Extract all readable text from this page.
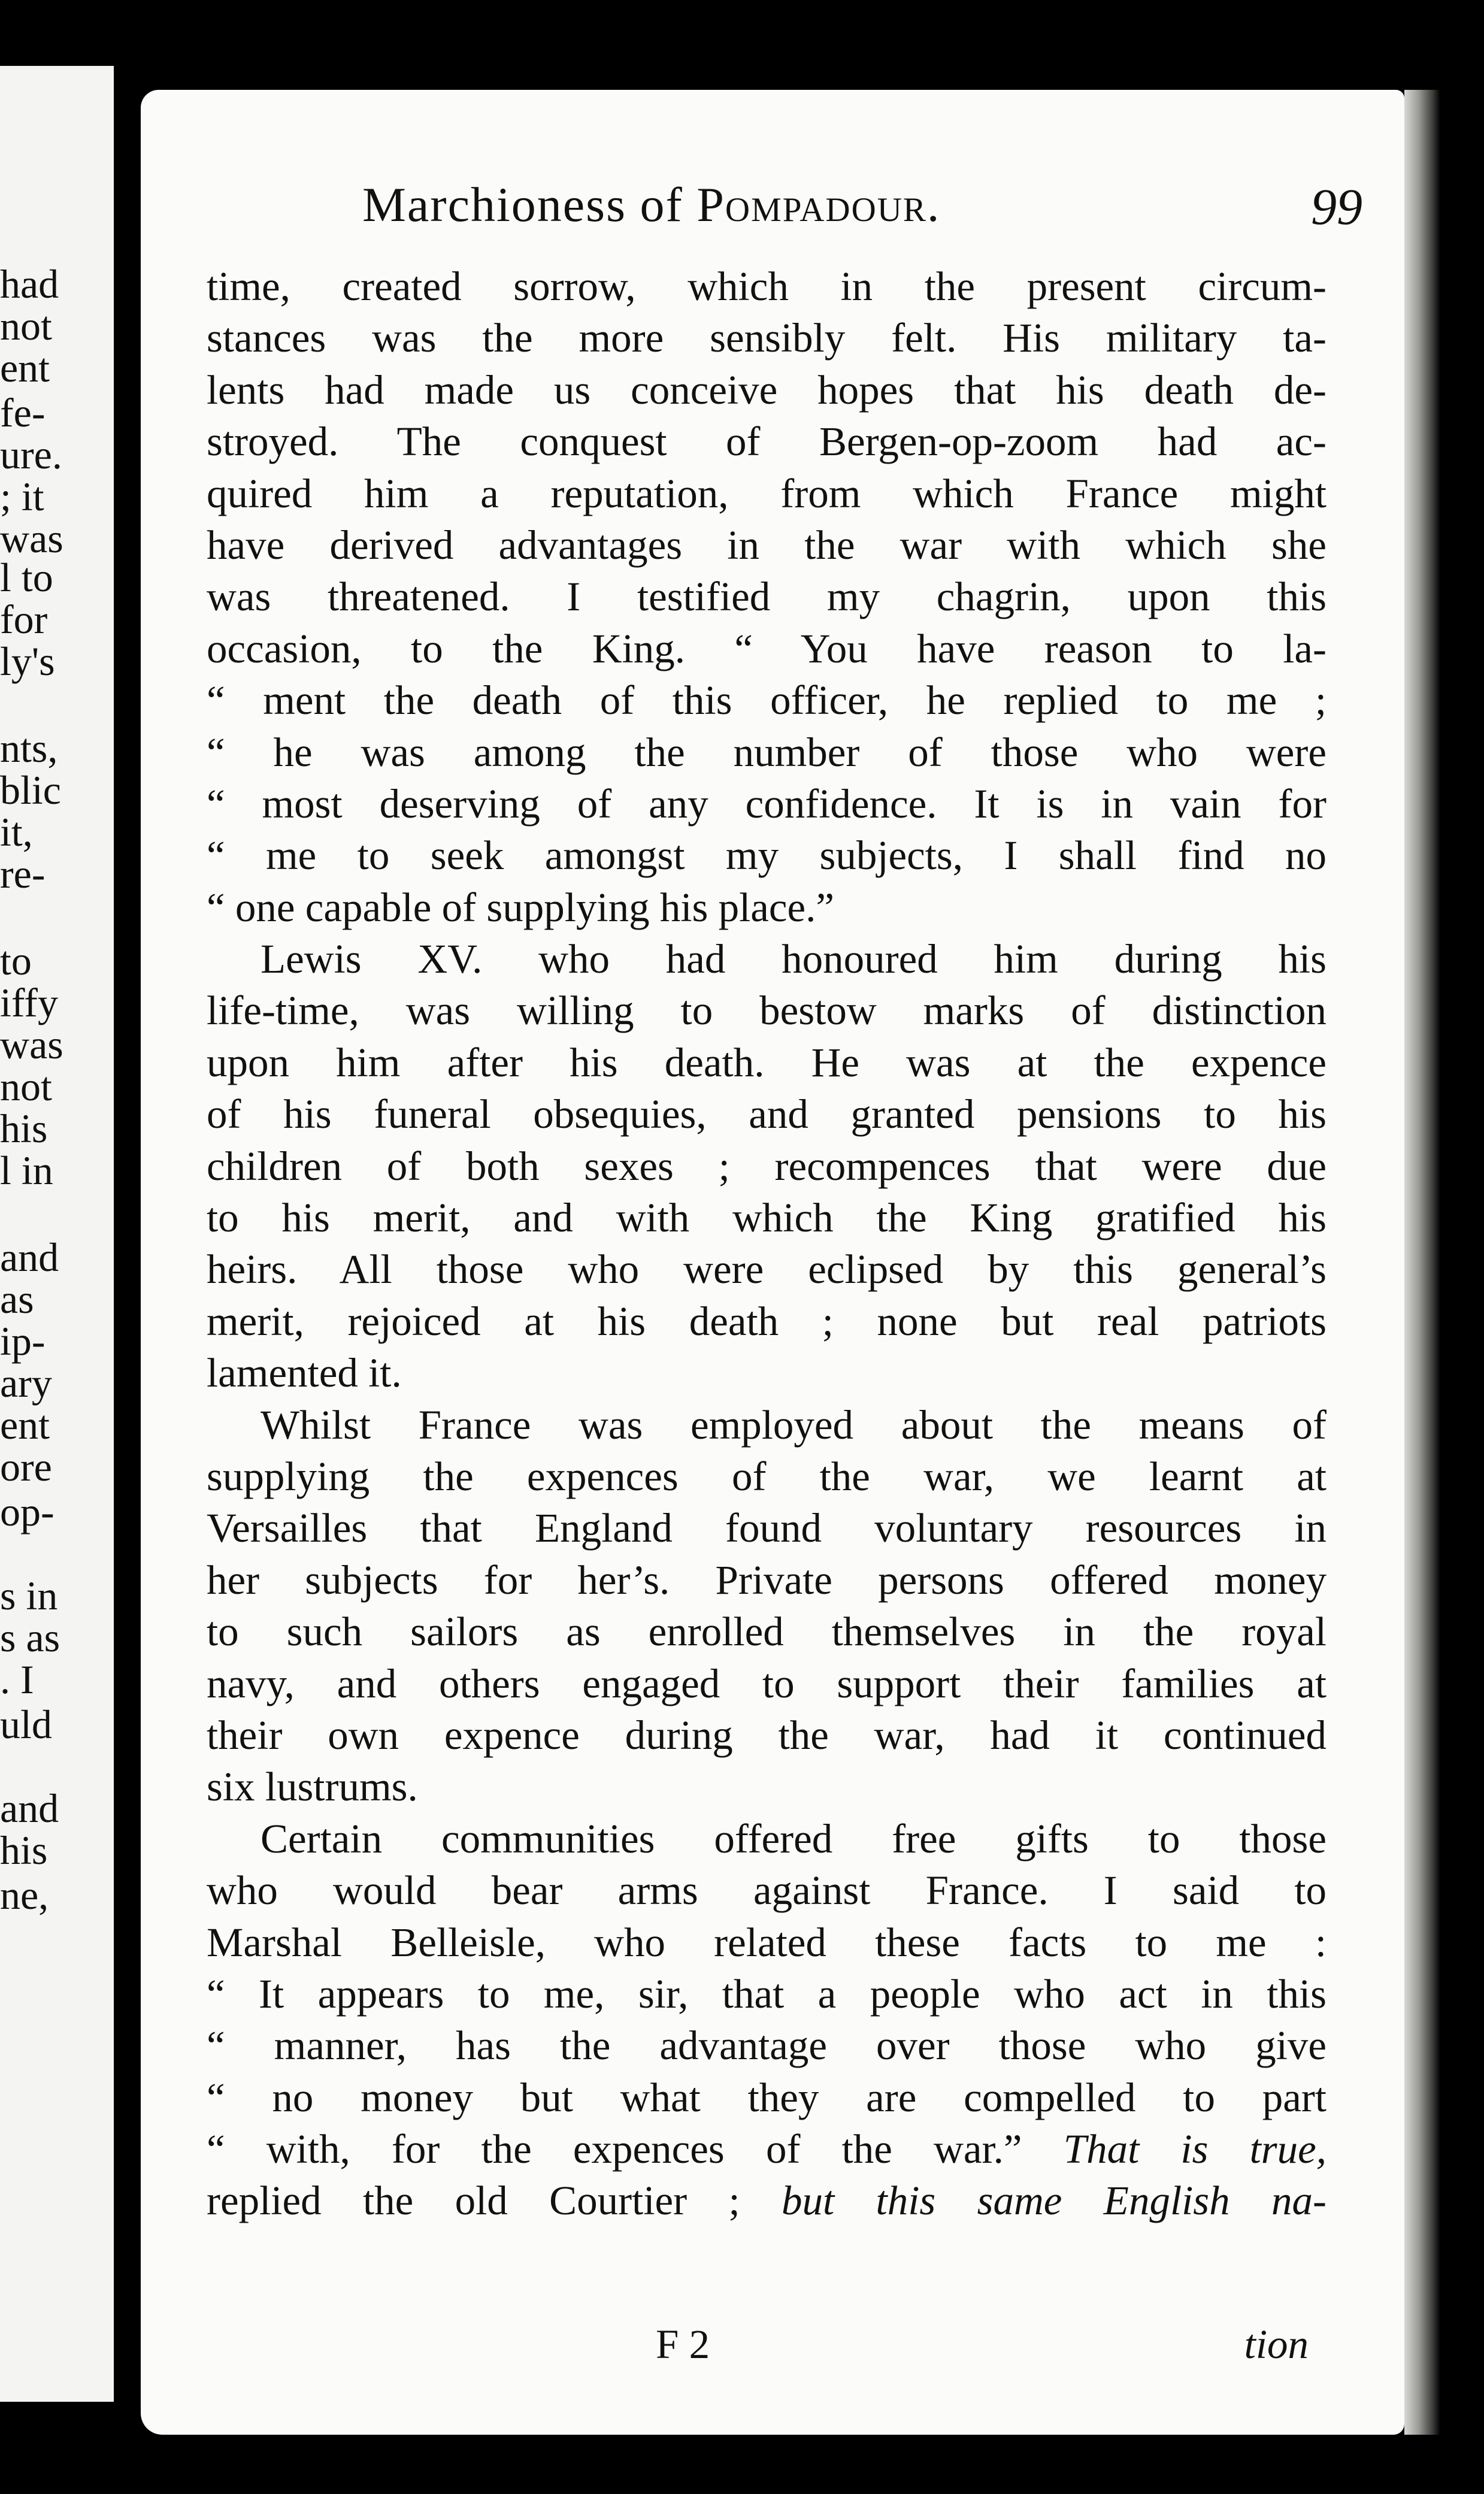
had
not
ent
fe-
ure.
; it
was
l to
for
ly's
nts,
blic
it,
re-
to
iffy
was
not
his
l in
and
as
ip-
ary
ent
ore
op-
s in
s as
. I
uld
and
his
ne,
Marchioness of Pompadour.	99
time, created sorrow, which in the present circum-
stances was the more sensibly felt. His military ta-
lents had made us conceive hopes that his death de-
stroyed. The conquest of Bergen-op-zoom had ac-
quired him a reputation, from which France might
have derived advantages in the war with which she
was threatened. I testified my chagrin, upon this
occasion, to the King. “ You have reason to la-
“ ment the death of this officer, he replied to me ;
“ he was among the number of those who were
“ most deserving of any confidence. It is in vain for
“ me to seek amongst my subjects, I shall find no
“ one capable of supplying his place.”
Lewis XV. who had honoured him during his
life-time, was willing to bestow marks of distinction
upon him after his death. He was at the expence
of his funeral obsequies, and granted pensions to his
children of both sexes ; recompences that were due
to his merit, and with which the King gratified his
heirs. All those who were eclipsed by this general’s
merit, rejoiced at his death ; none but real patriots
lamented it.
Whilst France was employed about the means of
supplying the expences of the war, we learnt at
Versailles that England found voluntary resources in
her subjects for her’s. Private persons offered money
to such sailors as enrolled themselves in the royal
navy, and others engaged to support their families at
their own expence during the war, had it continued
six lustrums.
Certain communities offered free gifts to those
who would bear arms against France. I said to
Marshal Belleisle, who related these facts to me :
“ It appears to me, sir, that a people who act in this
“ manner, has the advantage over those who give
“ no money but what they are compelled to part
“ with, for the expences of the war.” That is true,
replied the old Courtier ; but this same English na-
F 2	tion
